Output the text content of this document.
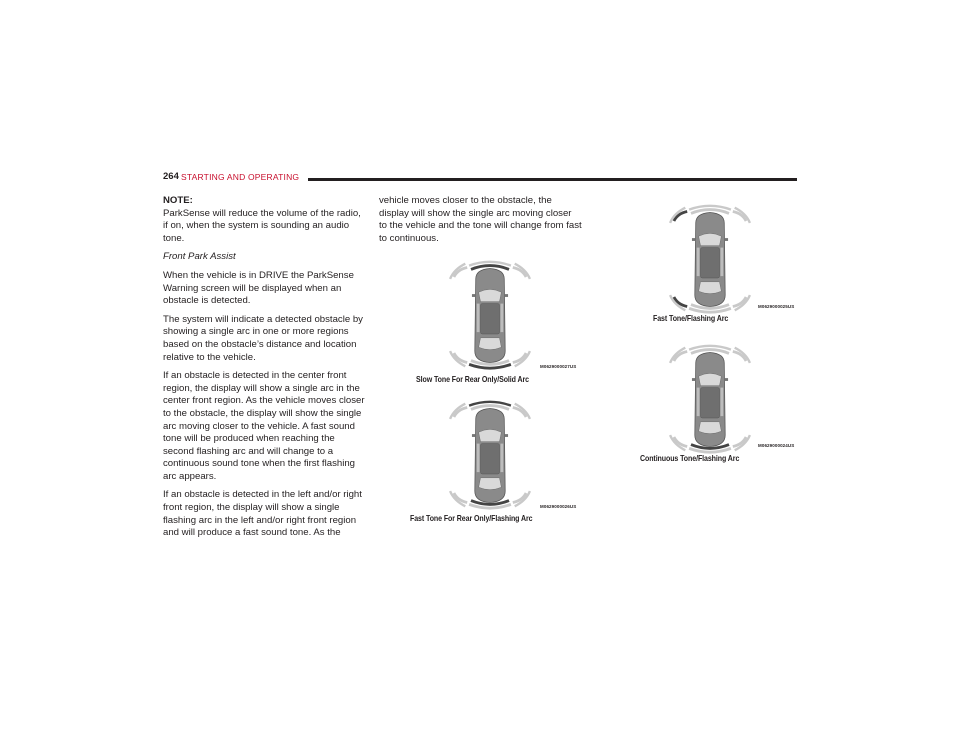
264 STARTING AND OPERATING
NOTE:

ParkSense will reduce the volume of the radio, if on, when the system is sounding an audio tone.

Front Park Assist

When the vehicle is in DRIVE the ParkSense Warning screen will be displayed when an obstacle is detected.

The system will indicate a detected obstacle by showing a single arc in one or more regions based on the obstacle’s distance and location relative to the vehicle.

If an obstacle is detected in the center front region, the display will show a single arc in the center front region. As the vehicle moves closer to the obstacle, the display will show the single arc moving closer to the vehicle. A fast sound tone will be produced when reaching the second flashing arc and will change to a continuous sound tone when the first flashing arc appears.

If an obstacle is detected in the left and/or right front region, the display will show a single flashing arc in the left and/or right front region and will produce a fast sound tone. As the

vehicle moves closer to the obstacle, the display will show the single arc moving closer to the vehicle and the tone will change from fast to continuous.

M0629000027US
Slow Tone For Rear Only/Solid Arc
M0629000026US
Fast Tone For Rear Only/Flashing Arc
M0629000025US
Fast Tone/Flashing Arc
M0629000024US
Continuous Tone/Flashing Arc
